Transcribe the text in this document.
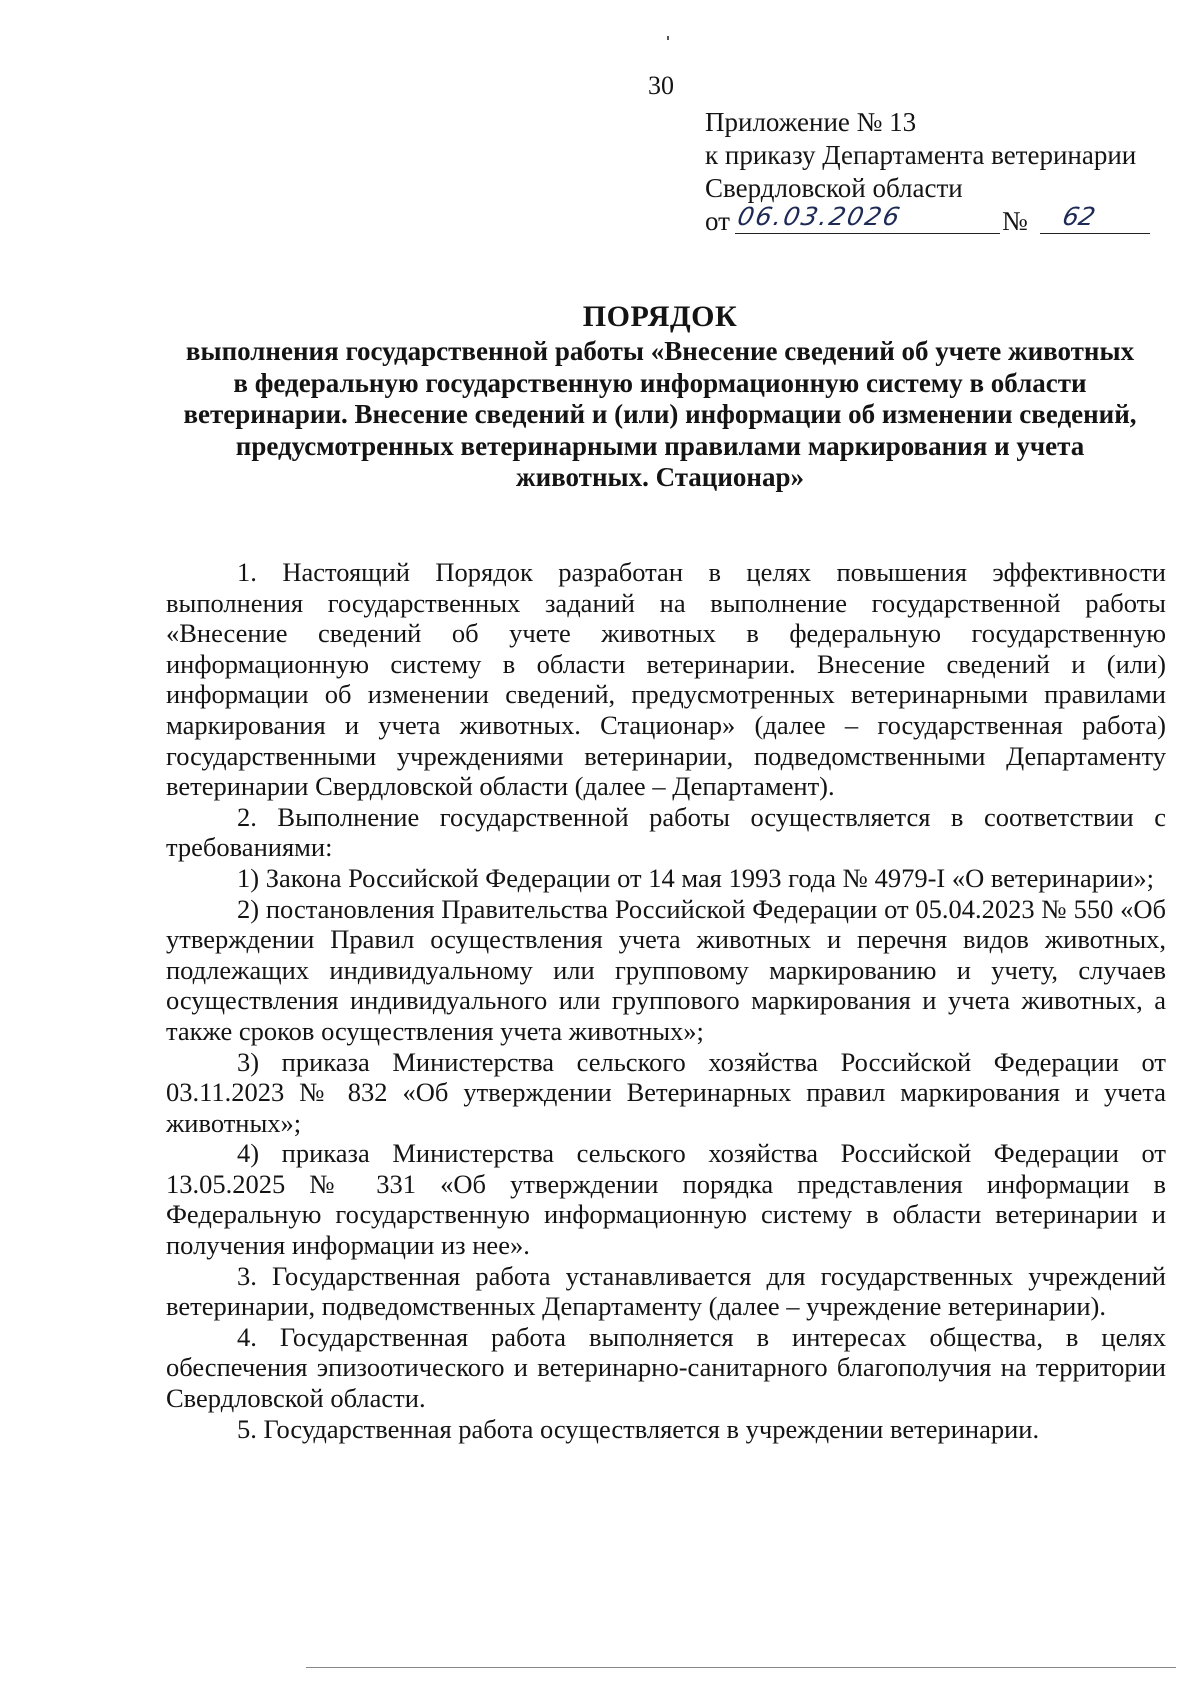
30
Приложение № 13
к приказу Департамента ветеринарии
Свердловской области
от 06.03.2026	№ 62
ПОРЯДОК
выполнения государственной работы «Внесение сведений об учете животных
в федеральную государственную информационную систему в области
ветеринарии. Внесение сведений и (или) информации об изменении сведений,
предусмотренных ветеринарными правилами маркирования и учета
животных. Стационар»

1. Настоящий Порядок разработан в целях повышения эффективности выполнения государственных заданий на выполнение государственной работы «Внесение сведений об учете животных в федеральную государственную информационную систему в области ветеринарии. Внесение сведений и (или) информации об изменении сведений, предусмотренных ветеринарными правилами маркирования и учета животных. Стационар» (далее – государственная работа) государственными учреждениями ветеринарии, подведомственными Департаменту ветеринарии Свердловской области (далее – Департамент).

2. Выполнение государственной работы осуществляется в соответствии с требованиями:

1) Закона Российской Федерации от 14 мая 1993 года № 4979-I «О ветеринарии»;

2) постановления Правительства Российской Федерации от 05.04.2023 № 550 «Об утверждении Правил осуществления учета животных и перечня видов животных, подлежащих индивидуальному или групповому маркированию и учету, случаев осуществления индивидуального или группового маркирования и учета животных, а также сроков осуществления учета животных»;

3) приказа Министерства сельского хозяйства Российской Федерации от 03.11.2023 № 832 «Об утверждении Ветеринарных правил маркирования и учета животных»;

4) приказа Министерства сельского хозяйства Российской Федерации от 13.05.2025 № 331 «Об утверждении порядка представления информации в Федеральную государственную информационную систему в области ветеринарии и получения информации из нее».

3. Государственная работа устанавливается для государственных учреждений ветеринарии, подведомственных Департаменту (далее – учреждение ветеринарии).

4. Государственная работа выполняется в интересах общества, в целях обеспечения эпизоотического и ветеринарно-санитарного благополучия на территории Свердловской области.

5. Государственная работа осуществляется в учреждении ветеринарии.
